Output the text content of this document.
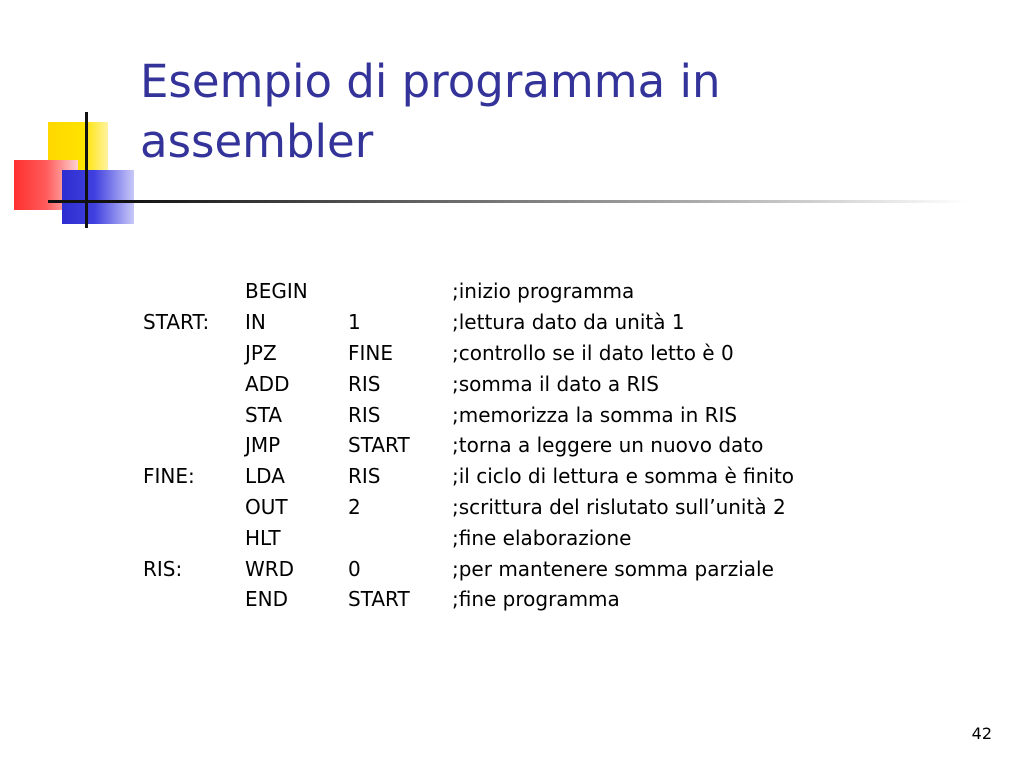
Esempio di programma in assembler
	BEGIN		;inizio programma
START:	IN	1	;lettura dato da unità 1
	JPZ	FINE	;controllo se il dato letto è 0
	ADD	RIS	;somma il dato a RIS
	STA	RIS	;memorizza la somma in RIS
	JMP	START	;torna a leggere un nuovo dato
FINE:	LDA	RIS	;il ciclo di lettura e somma è finito
	OUT	2	;scrittura del rislutato sull’unità 2
	HLT		;fine elaborazione
RIS:	WRD	0	;per mantenere somma parziale
	END	START	;fine programma
42
